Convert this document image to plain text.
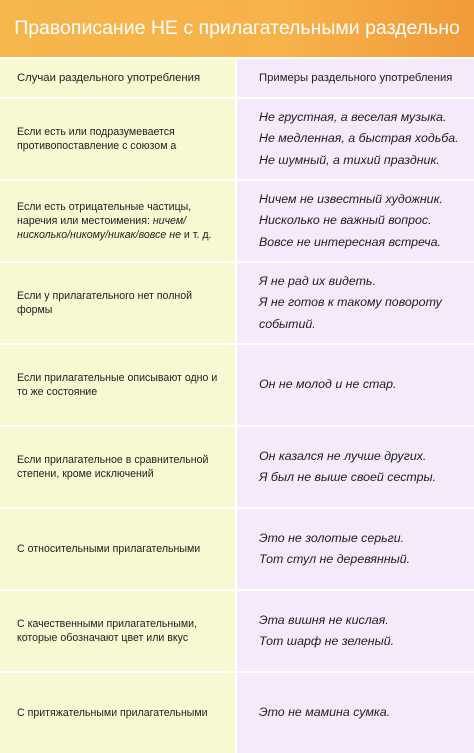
Правописание НЕ с прилагательными раздельно
Случаи раздельного употребления	Примеры раздельного употребления
Если есть или подразумевается противопоставление с союзом а
Не грустная, а веселая музыка.
Не медленная, а быстрая ходьба.
Не шумный, а тихий праздник.
Если есть отрицательные частицы, наречия или местоимения: ничем/нисколько/никому/никак/вовсе не и т. д.
Ничем не известный художник.
Нисколько не важный вопрос.
Вовсе не интересная встреча.
Если у прилагательного нет полной формы
Я не рад их видеть.
Я не готов к такому повороту событий.
Если прилагательные описывают одно и то же состояние
Он не молод и не стар.
Если прилагательное в сравнительной степени, кроме исключений
Он казался не лучше других.
Я был не выше своей сестры.
С относительными прилагательными
Это не золотые серьги.
Тот стул не деревянный.
С качественными прилагательными, которые обозначают цвет или вкус
Эта вишня не кислая.
Тот шарф не зеленый.
С притяжательными прилагательными	Это не мамина сумка.
